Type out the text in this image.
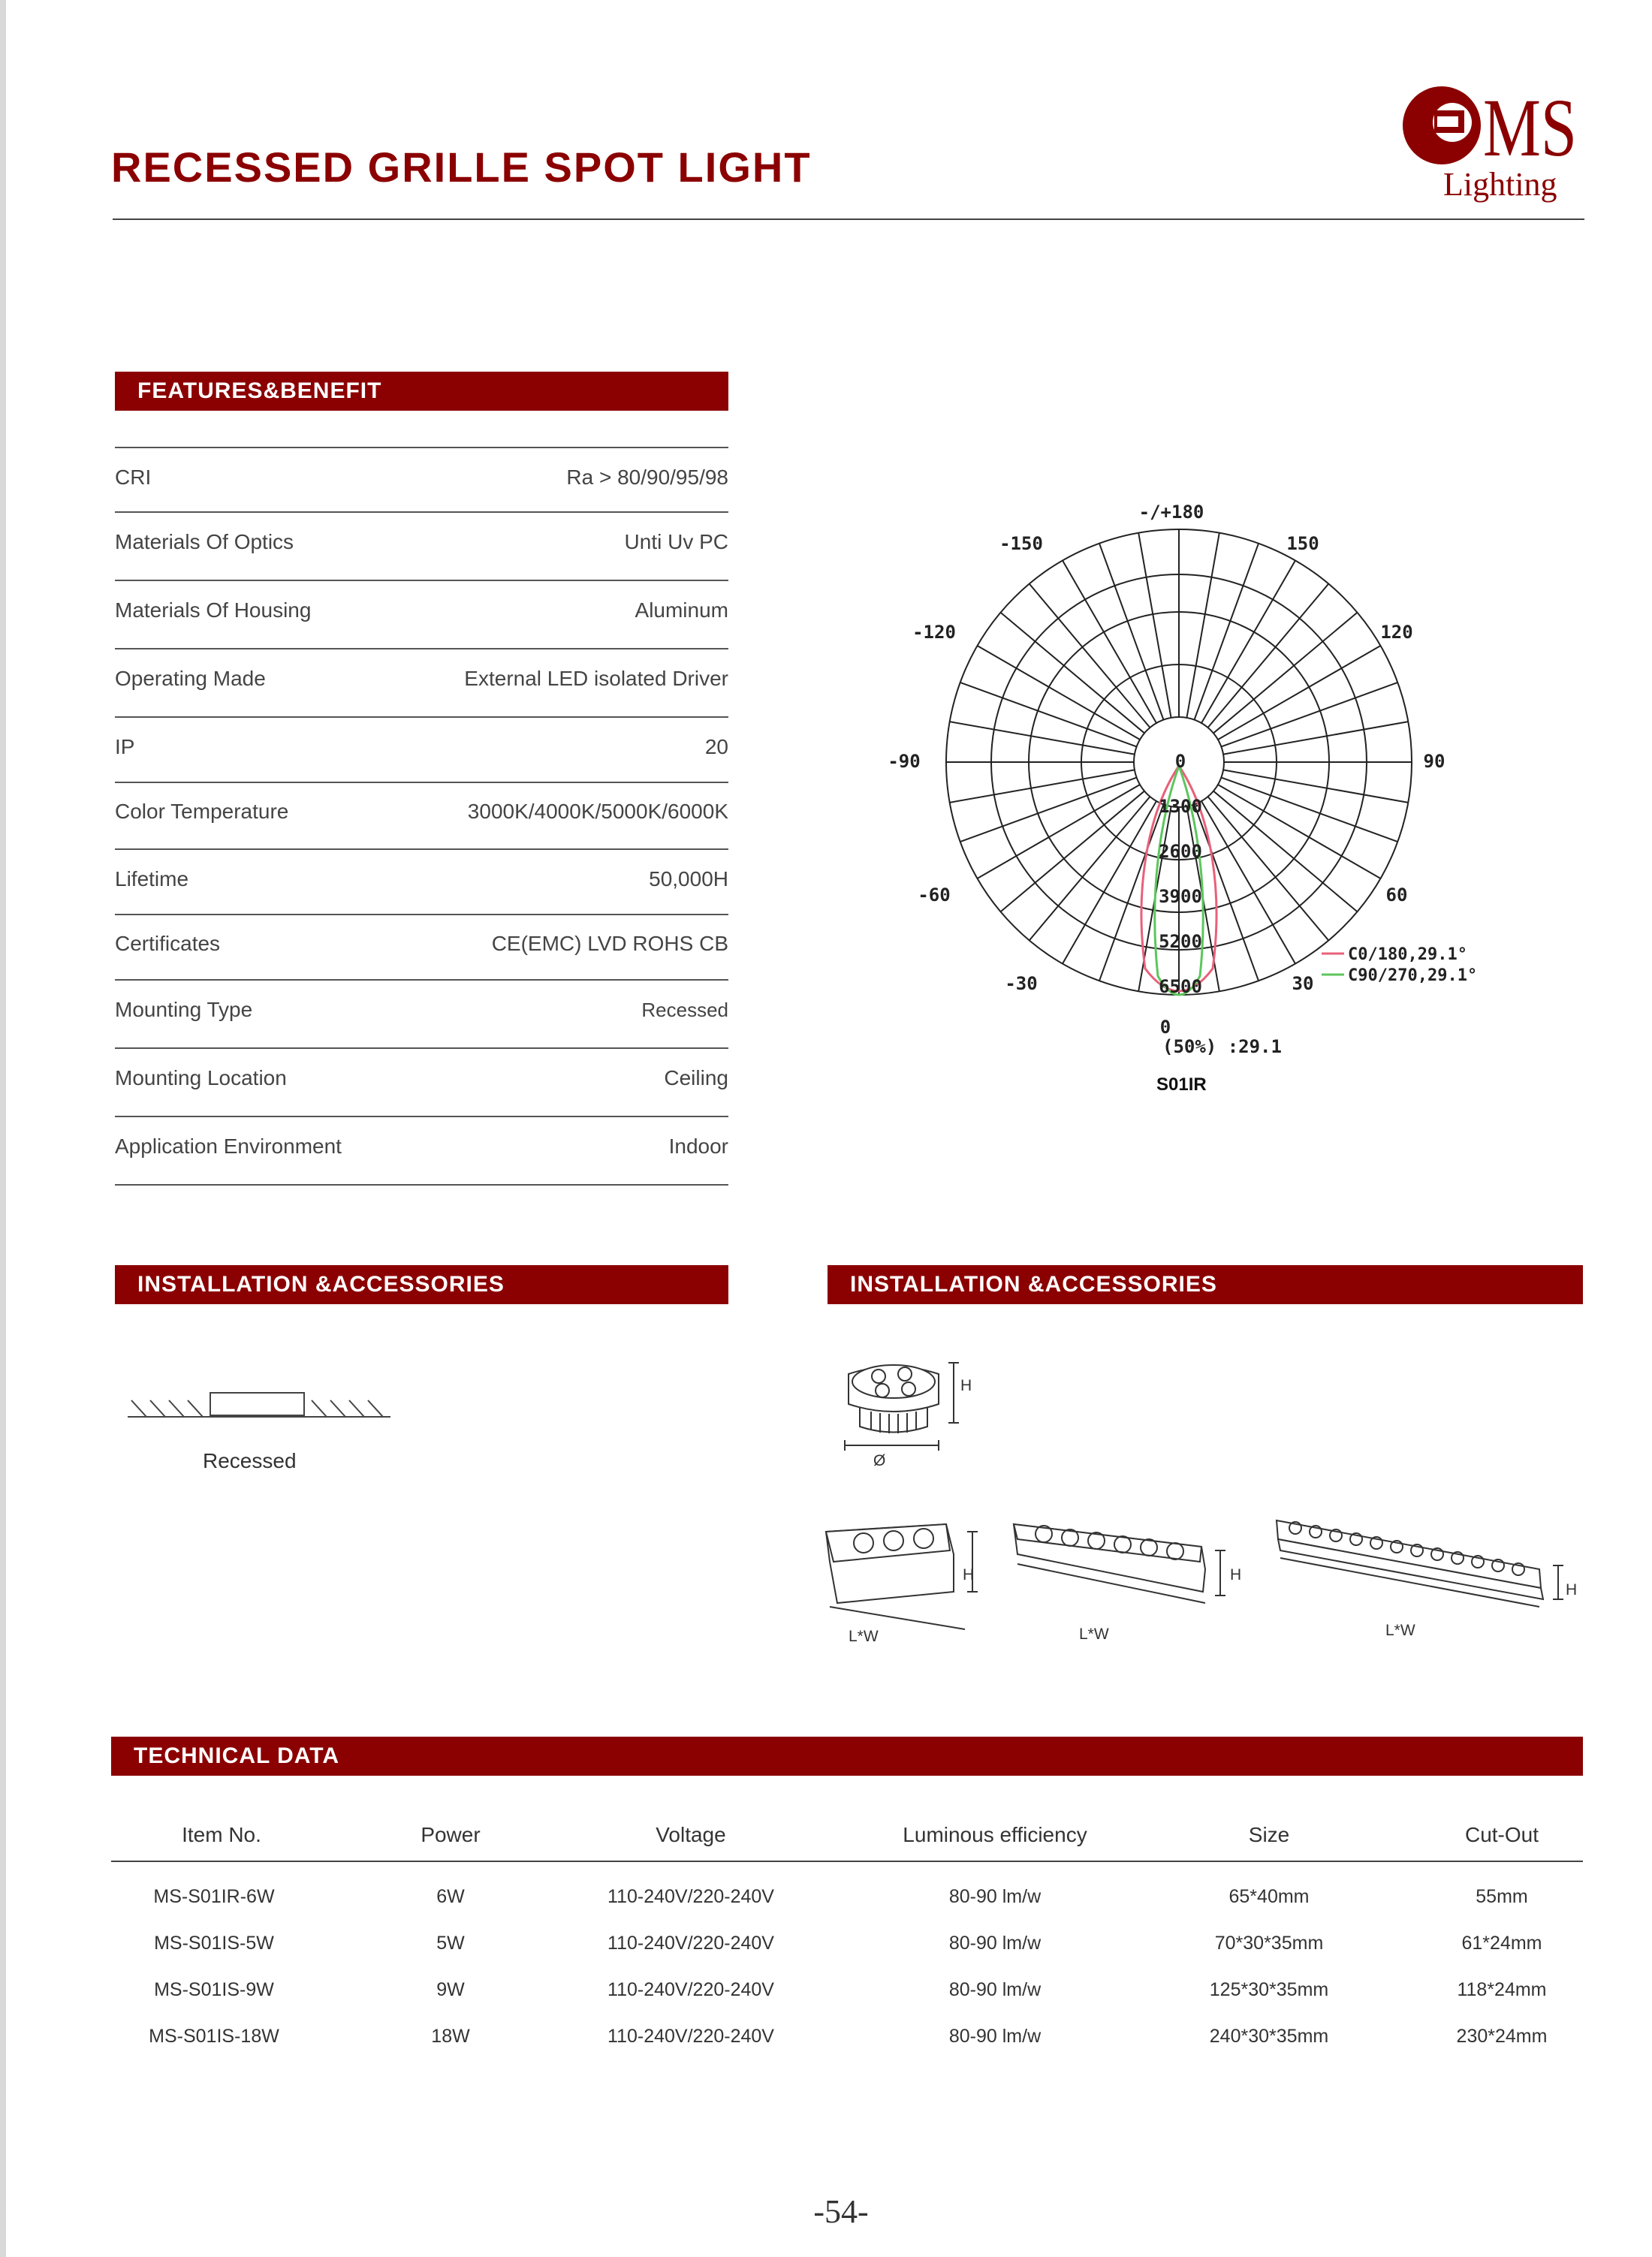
RECESSED GRILLE SPOT LIGHT	MS
Lighting
FEATURES&BENEFIT
CRI	Ra > 80/90/95/98
Materials Of Optics	Unti Uv PC
Materials Of Housing	Aluminum
Operating Made	External LED isolated Driver
IP	20
Color Temperature	3000K/4000K/5000K/6000K
Lifetime	50,000H
Certificates	CE(EMC) LVD ROHS CB
Mounting Type	Recessed
Mounting Location	Ceiling
Application Environment	Indoor
-/+180
150
-150
120
-120
90
-90
60
-60
30
-30
0
0
1300
2600
3900
5200
6500
C0/180,29.1°
C90/270,29.1°
(50%) :29.1
S01IR
INSTALLATION &ACCESSORIES
Recessed
INSTALLATION &ACCESSORIES
H
Ø
H
L*W
H
L*W
H
L*W
TECHNICAL DATA
Item No.	Power	Voltage	Luminous efficiency	Size	Cut-Out
MS-S01IR-6W	6W	110-240V/220-240V	80-90 lm/w	65*40mm	55mm
MS-S01IS-5W	5W	110-240V/220-240V	80-90 lm/w	70*30*35mm	61*24mm
MS-S01IS-9W	9W	110-240V/220-240V	80-90 lm/w	125*30*35mm	118*24mm
MS-S01IS-18W	18W	110-240V/220-240V	80-90 lm/w	240*30*35mm	230*24mm
-54-
